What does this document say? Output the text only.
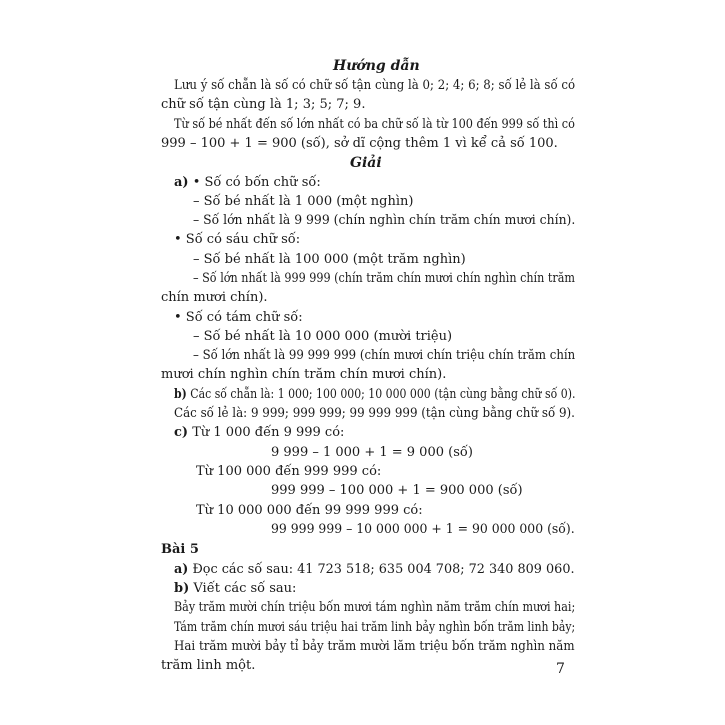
Hướng dẫn
Lưu ý số chẵn là số có chữ số tận cùng là 0; 2; 4; 6; 8; số lẻ là số có
chữ số tận cùng là 1; 3; 5; 7; 9.
Từ số bé nhất đến số lớn nhất có ba chữ số là từ 100 đến 999 số thì có
999 – 100 + 1 = 900 (số), sở dĩ cộng thêm 1 vì kể cả số 100.
Giải
a) • Số có bốn chữ số:
– Số bé nhất là 1 000 (một nghìn)
– Số lớn nhất là 9 999 (chín nghìn chín trăm chín mươi chín).
• Số có sáu chữ số:
– Số bé nhất là 100 000 (một trăm nghìn)
– Số lớn nhất là 999 999 (chín trăm chín mươi chín nghìn chín trăm
chín mươi chín).
• Số có tám chữ số:
– Số bé nhất là 10 000 000 (mười triệu)
– Số lớn nhất là 99 999 999 (chín mươi chín triệu chín trăm chín
mươi chín nghìn chín trăm chín mươi chín).
b) Các số chẵn là: 1 000; 100 000; 10 000 000 (tận cùng bằng chữ số 0).
Các số lẻ là: 9 999; 999 999; 99 999 999 (tận cùng bằng chữ số 9).
c) Từ 1 000 đến 9 999 có:
9 999 – 1 000 + 1 = 9 000 (số)
Từ 100 000 đến 999 999 có:
999 999 – 100 000 + 1 = 900 000 (số)
Từ 10 000 000 đến 99 999 999 có:
99 999 999 – 10 000 000 + 1 = 90 000 000 (số).
Bài 5
a) Đọc các số sau: 41 723 518; 635 004 708; 72 340 809 060.
b) Viết các số sau:
Bảy trăm mười chín triệu bốn mươi tám nghìn năm trăm chín mươi hai;
Tám trăm chín mươi sáu triệu hai trăm linh bảy nghìn bốn trăm linh bảy;
Hai trăm mười bảy tỉ bảy trăm mười lăm triệu bốn trăm nghìn năm
trăm linh một.	7
